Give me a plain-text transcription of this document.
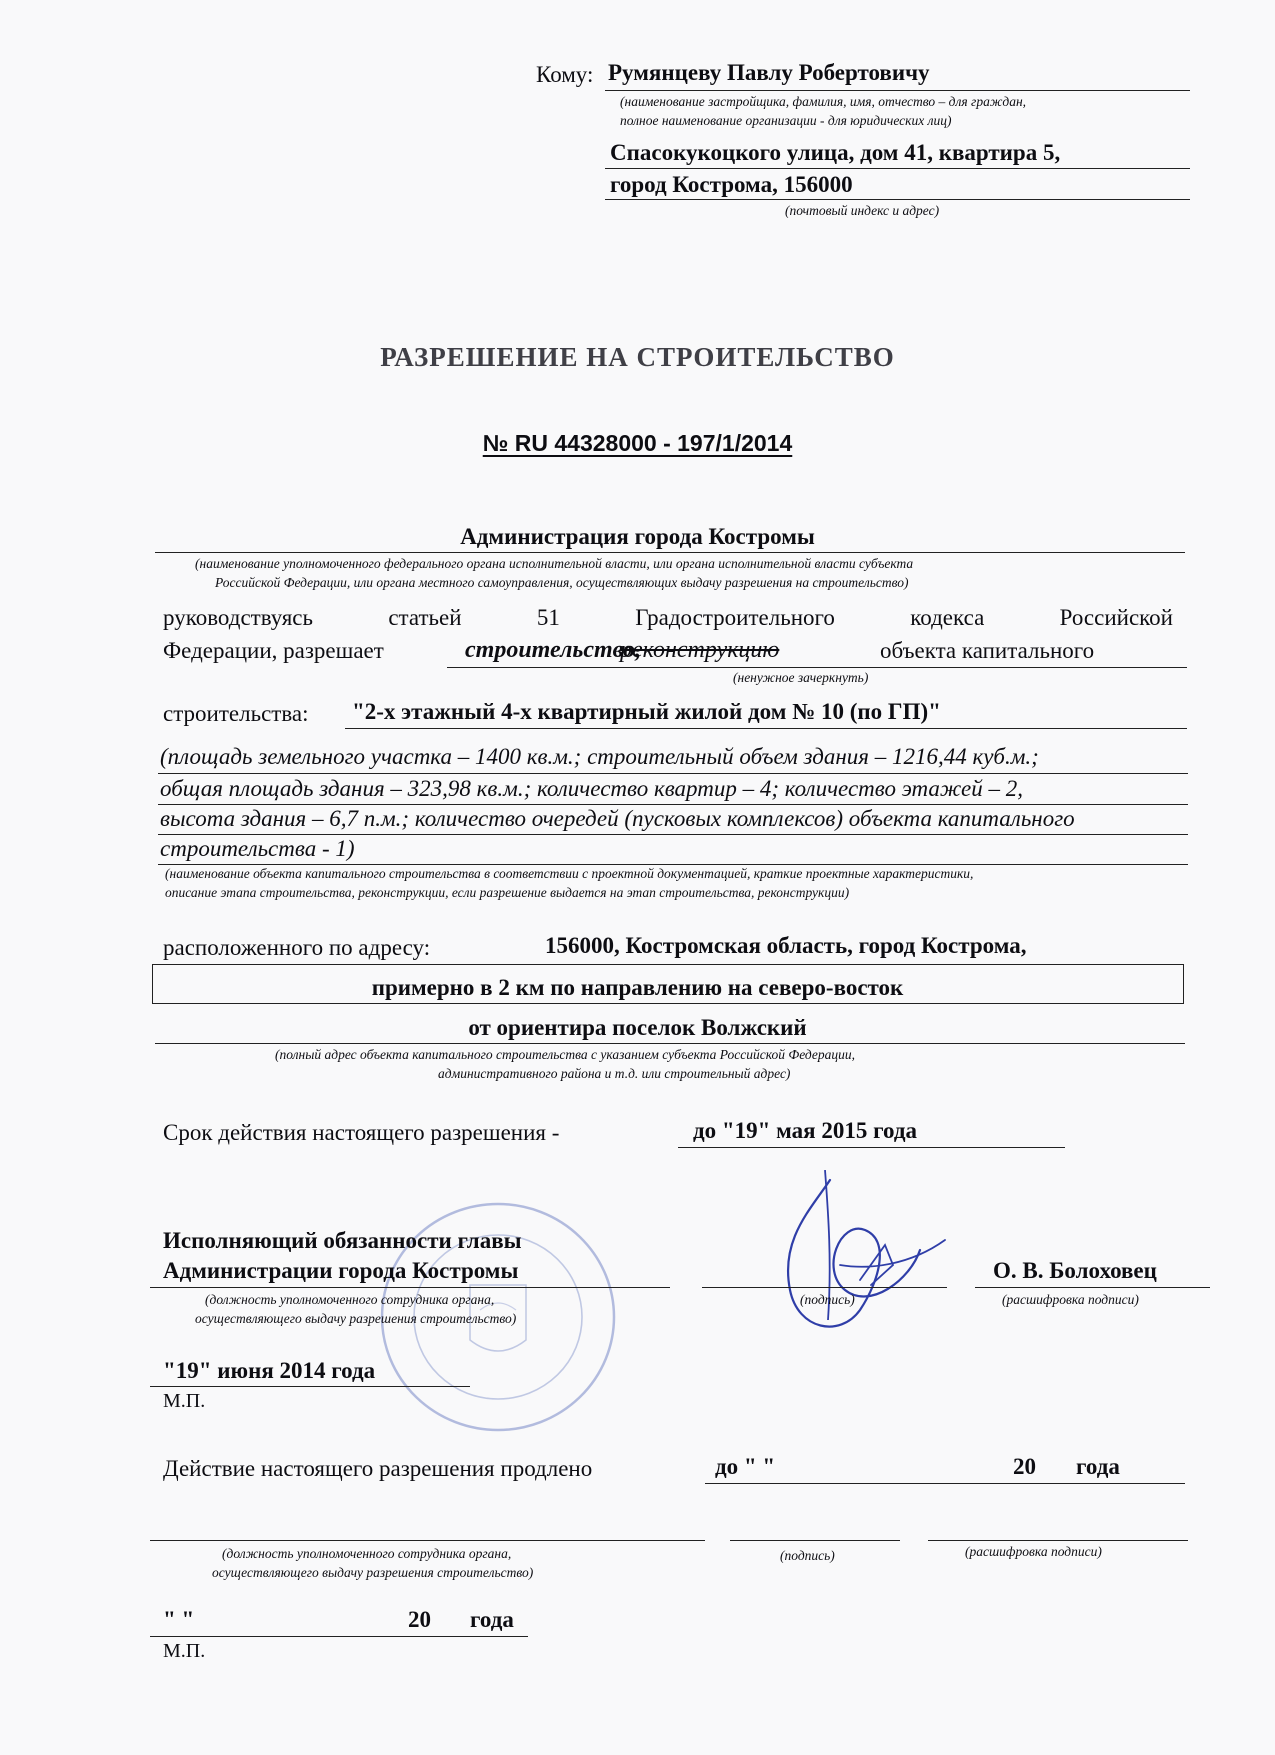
Кому: Румянцеву Павлу Робертовичу
(наименование застройщика, фамилия, имя, отчество – для граждан,
полное наименование организации - для юридических лиц)
Спасокукоцкого улица, дом 41, квартира 5,
город Кострома, 156000
(почтовый индекс и адрес)
РАЗРЕШЕНИЕ НА СТРОИТЕЛЬСТВО
№ RU 44328000 - 197/1/2014
Администрация города Костромы
(наименование уполномоченного федерального органа исполнительной власти, или органа исполнительной власти субъекта
Российской Федерации, или органа местного самоуправления, осуществляющих выдачу разрешения на строительство)
руководствуясь	статьей	51	Градостроительного	кодекса	Российской
Федерации, разрешает	строительство,
реконструкцию	объекта капитального
(ненужное зачеркнуть)
строительства: "2-х этажный 4-х квартирный жилой дом № 10 (по ГП)"
(площадь земельного участка – 1400 кв.м.; строительный объем здания – 1216,44 куб.м.;
общая площадь здания – 323,98 кв.м.; количество квартир – 4; количество этажей – 2,
высота здания – 6,7 п.м.; количество очередей (пусковых комплексов) объекта капитального
строительства - 1)
(наименование объекта капитального строительства в соответствии с проектной документацией, краткие проектные характеристики,
описание этапа строительства, реконструкции, если разрешение выдается на этап строительства, реконструкции)
расположенного по адресу:	156000, Костромская область, город Кострома,
примерно в 2 км по направлению на северо-восток
от ориентира поселок Волжский
(полный адрес объекта капитального строительства с указанием субъекта Российской Федерации,
административного района и т.д. или строительный адрес)
Срок действия настоящего разрешения -	до "19" мая 2015 года
Исполняющий обязанности главы
Администрации города Костромы	О. В. Болоховец
(должность уполномоченного сотрудника органа,
осуществляющего выдачу разрешения строительство)
(подпись)	(расшифровка подписи)
"19" июня 2014 года
М.П.
Действие настоящего разрешения продлено	до " "	20 года
(должность уполномоченного сотрудника органа,
осуществляющего выдачу разрешения строительство)
(подпись)	(расшифровка подписи)
" "	20 года
М.П.
